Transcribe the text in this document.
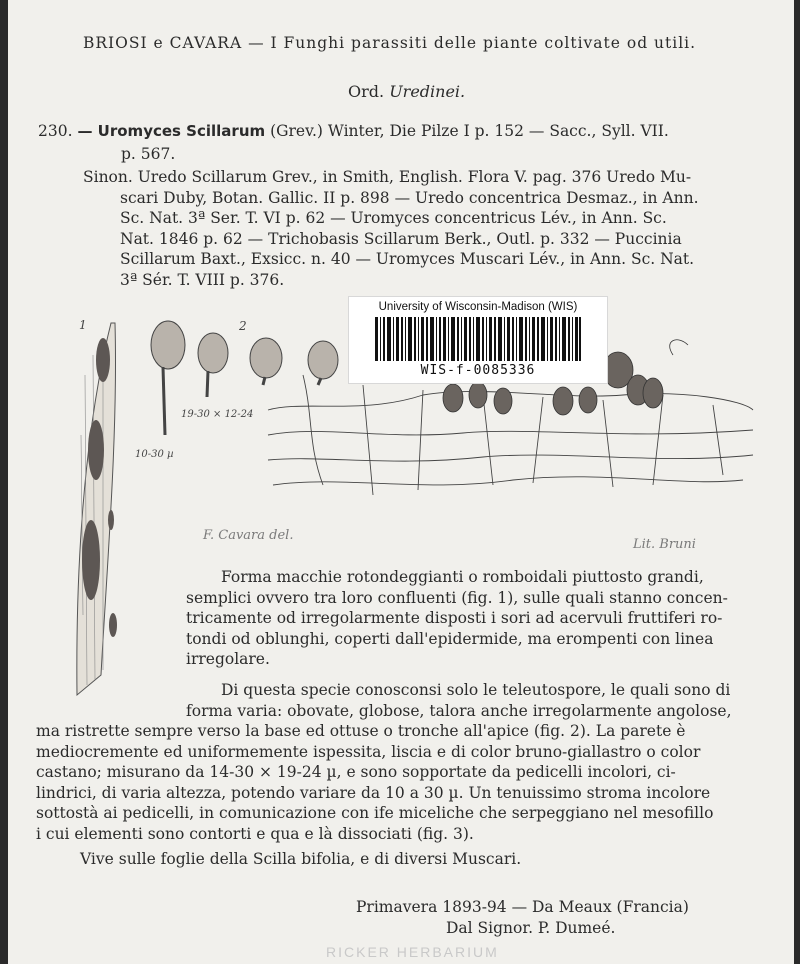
BRIOSI e CAVARA — I Funghi parassiti delle piante coltivate od utili.
Ord. Uredinei.
230. — Uromyces Scillarum (Grev.) Winter, Die Pilze I p. 152 — Sacc., Syll. VII.
p. 567.
Sinon. Uredo Scillarum Grev., in Smith, English. Flora V. pag. 376 Uredo Mu-
scari Duby, Botan. Gallic. II p. 898 — Uredo concentrica Desmaz., in Ann.
Sc. Nat. 3ª Ser. T. VI p. 62 — Uromyces concentricus Lév., in Ann. Sc.
Nat. 1846 p. 62 — Trichobasis Scillarum Berk., Outl. p. 332 — Puccinia
Scillarum Baxt., Exsicc. n. 40 — Uromyces Muscari Lév., in Ann. Sc. Nat.
3ª Sér. T. VIII p. 376.
1	2
19-30 × 12-24
10-30 µ
F. Cavara del.
Lit. Bruni
University of Wisconsin-Madison (WIS)
WIS-f-0085336
Forma macchie rotondeggianti o romboidali piuttosto grandi,
semplici ovvero tra loro confluenti (fig. 1), sulle quali stanno concen-
tricamente od irregolarmente disposti i sori ad acervuli fruttiferi ro-
tondi od oblunghi, coperti dall'epidermide, ma erompenti con linea
irregolare.
Di questa specie conosconsi solo le teleutospore, le quali sono di
forma varia: obovate, globose, talora anche irregolarmente angolose,
ma ristrette sempre verso la base ed ottuse o tronche all'apice (fig. 2). La parete è
mediocremente ed uniformemente ispessita, liscia e di color bruno-giallastro o color
castano; misurano da 14-30 × 19-24 µ, e sono sopportate da pedicelli incolori, ci-
lindrici, di varia altezza, potendo variare da 10 a 30 µ. Un tenuissimo stroma incolore
sottostà ai pedicelli, in comunicazione con ife miceliche che serpeggiano nel mesofillo
i cui elementi sono contorti e qua e là dissociati (fig. 3).
Vive sulle foglie della Scilla bifolia, e di diversi Muscari.
Primavera 1893-94 — Da Meaux (Francia)
Dal Signor. P. Dumeé.
RICKER HERBARIUM
